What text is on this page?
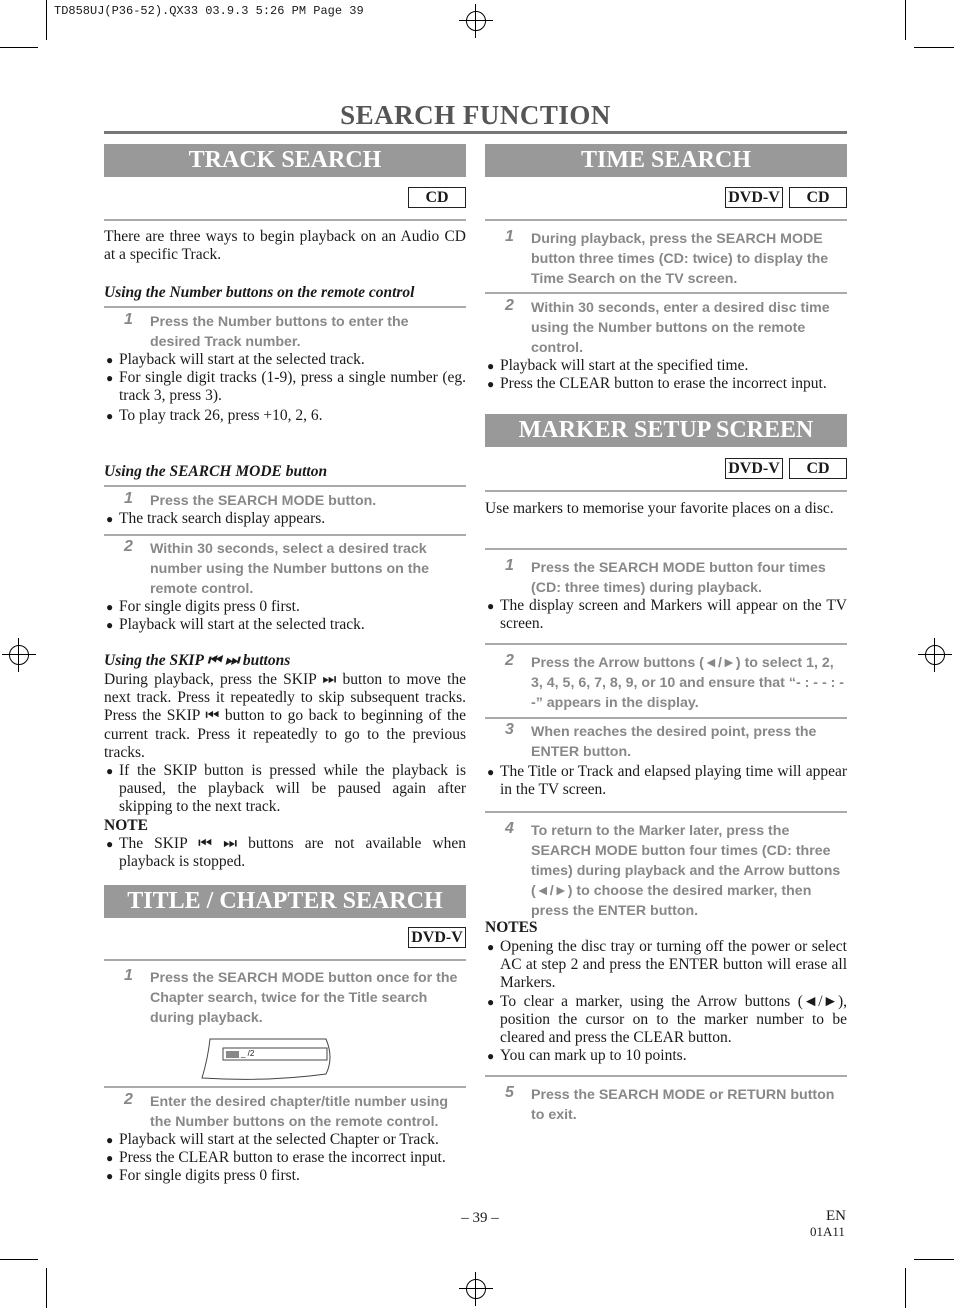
TD858UJ(P36-52).QX33 03.9.3 5:26 PM Page 39
SEARCH FUNCTION
TRACK SEARCH
CD
There are three ways to begin playback on an Audio CD at a specific Track.
Using the Number buttons on the remote control
1 Press the Number buttons to enter the desired Track number.
● Playback will start at the selected track.
● For single digit tracks (1-9), press a single number (eg. track 3, press 3).
● To play track 26, press +10, 2, 6.
Using the SEARCH MODE button
1 Press the SEARCH MODE button.
● The track search display appears.
2 Within 30 seconds, select a desired track number using the Number buttons on the remote control.
● For single digits press 0 first.
● Playback will start at the selected track.
Using the SKIP ⏮ ⏭ buttons
During playback, press the SKIP ⏭ button to move the next track. Press it repeatedly to skip subsequent tracks. Press the SKIP ⏮ button to go back to beginning of the current track. Press it repeatedly to go to the previous tracks.
● If the SKIP button is pressed while the playback is paused, the playback will be paused again after skipping to the next track.
NOTE
● The SKIP ⏮ ⏭ buttons are not available when playback is stopped.
TITLE / CHAPTER SEARCH
DVD-V
1 Press the SEARCH MODE button once for the Chapter search, twice for the Title search during playback.
_ /2
2 Enter the desired chapter/title number using the Number buttons on the remote control.
● Playback will start at the selected Chapter or Track.
● Press the CLEAR button to erase the incorrect input.
● For single digits press 0 first.
TIME SEARCH
DVD-V	CD
1 During playback, press the SEARCH MODE button three times (CD: twice) to display the Time Search on the TV screen.
2 Within 30 seconds, enter a desired disc time using the Number buttons on the remote control.
● Playback will start at the specified time.
● Press the CLEAR button to erase the incorrect input.
MARKER SETUP SCREEN
DVD-V	CD
Use markers to memorise your favorite places on a disc.
1 Press the SEARCH MODE button four times (CD: three times) during playback.
● The display screen and Markers will appear on the TV screen.
2 Press the Arrow buttons (◄/►) to select 1, 2, 3, 4, 5, 6, 7, 8, 9, or 10 and ensure that “- : - - : - -” appears in the display.
3 When reaches the desired point, press the ENTER button.
● The Title or Track and elapsed playing time will appear in the TV screen.
4 To return to the Marker later, press the SEARCH MODE button four times (CD: three times) during playback and the Arrow buttons (◄/►) to choose the desired marker, then press the ENTER button.
NOTES
● Opening the disc tray or turning off the power or select AC at step 2 and press the ENTER button will erase all Markers.
● To clear a marker, using the Arrow buttons (◄/►), position the cursor on to the marker number to be cleared and press the CLEAR button.
● You can mark up to 10 points.
5 Press the SEARCH MODE or RETURN button to exit.
– 39 –	EN
01A11
